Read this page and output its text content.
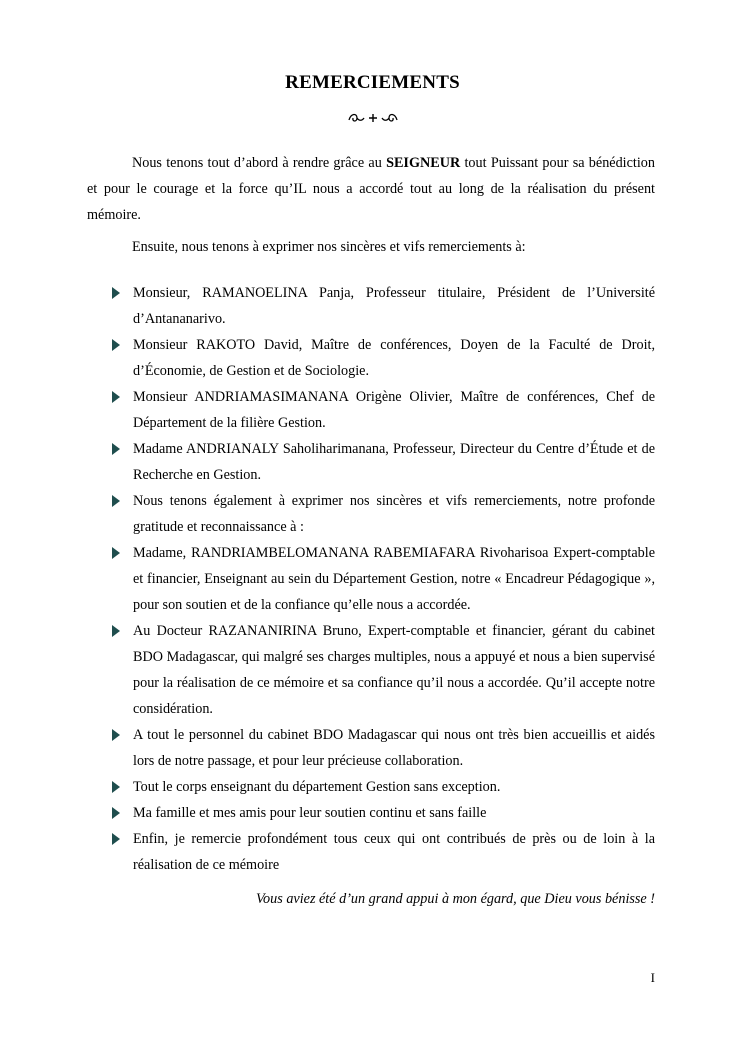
REMERCIEMENTS

Nous tenons tout d’abord à rendre grâce au SEIGNEUR tout Puissant pour sa bénédiction et pour le courage et la force qu’IL nous a accordé tout au long de la réalisation du présent mémoire.

Ensuite, nous tenons à exprimer nos sincères et vifs remerciements à:

Monsieur, RAMANOELINA Panja, Professeur titulaire, Président de l’Université d’Antananarivo.
Monsieur RAKOTO David, Maître de conférences, Doyen de la Faculté de Droit, d’Économie, de Gestion et de Sociologie.
Monsieur ANDRIAMASIMANANA Origène Olivier, Maître de conférences, Chef de Département de la filière Gestion.
Madame ANDRIANALY Saholiharimanana, Professeur, Directeur du Centre d’Étude et de Recherche en Gestion.
Nous tenons également à exprimer nos sincères et vifs remerciements, notre profonde gratitude et reconnaissance à :
Madame, RANDRIAMBELOMANANA RABEMIAFARA Rivoharisoa Expert-comptable et financier, Enseignant au sein du Département Gestion, notre « Encadreur Pédagogique », pour son soutien et de la confiance qu’elle nous a accordée.
Au Docteur RAZANANIRINA Bruno, Expert-comptable et financier, gérant du cabinet BDO Madagascar, qui malgré ses charges multiples, nous a appuyé et nous a bien supervisé pour la réalisation de ce mémoire et sa confiance qu’il nous a accordée. Qu’il accepte notre considération.
A tout le personnel du cabinet BDO Madagascar qui nous ont très bien accueillis et aidés lors de notre passage, et pour leur précieuse collaboration.
Tout le corps enseignant du département Gestion sans exception.
Ma famille et mes amis pour leur soutien continu et sans faille
Enfin, je remercie profondément tous ceux qui ont contribués de près ou de loin à la réalisation de ce mémoire
Vous aviez été d’un grand appui à mon égard, que Dieu vous bénisse !
I
